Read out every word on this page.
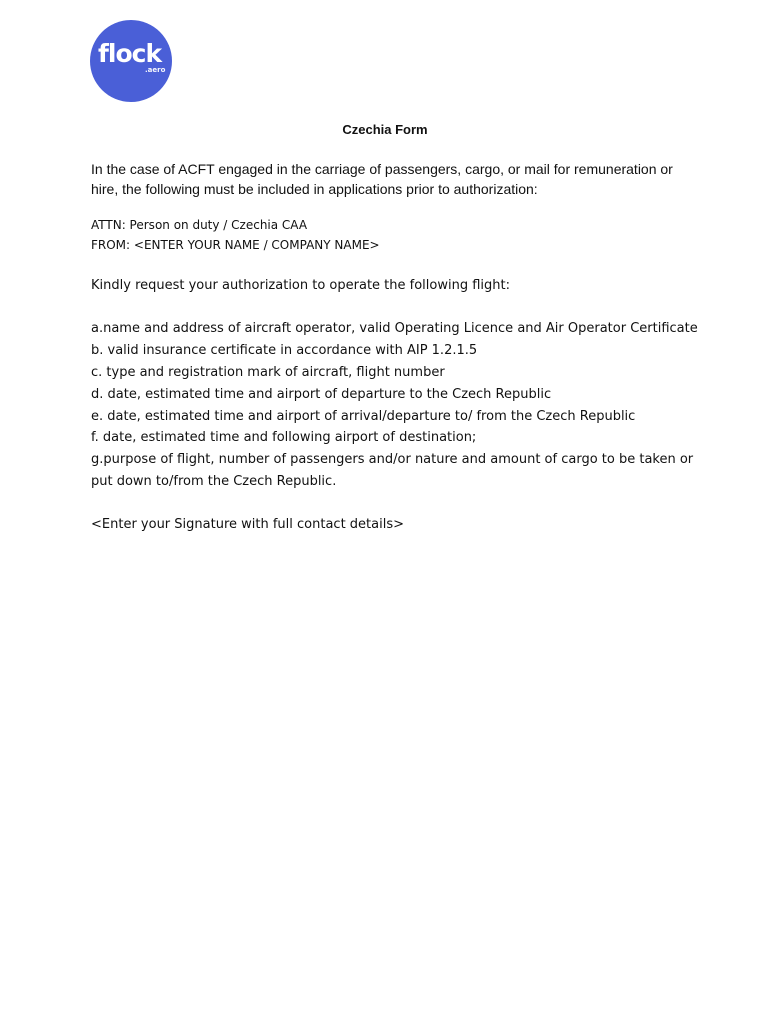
flock
.aero
Czechia Form
In the case of ACFT engaged in the carriage of passengers, cargo, or mail for remuneration or
hire, the following must be included in applications prior to authorization:
ATTN: Person on duty / Czechia CAA
FROM: <ENTER YOUR NAME / COMPANY NAME>
Kindly request your authorization to operate the following flight:
a.name and address of aircraft operator, valid Operating Licence and Air Operator Certificate
b. valid insurance certificate in accordance with AIP 1.2.1.5
c. type and registration mark of aircraft, flight number
d. date, estimated time and airport of departure to the Czech Republic
e. date, estimated time and airport of arrival/departure to/ from the Czech Republic
f. date, estimated time and following airport of destination;
g.purpose of flight, number of passengers and/or nature and amount of cargo to be taken or
put down to/from the Czech Republic.
<Enter your Signature with full contact details>
